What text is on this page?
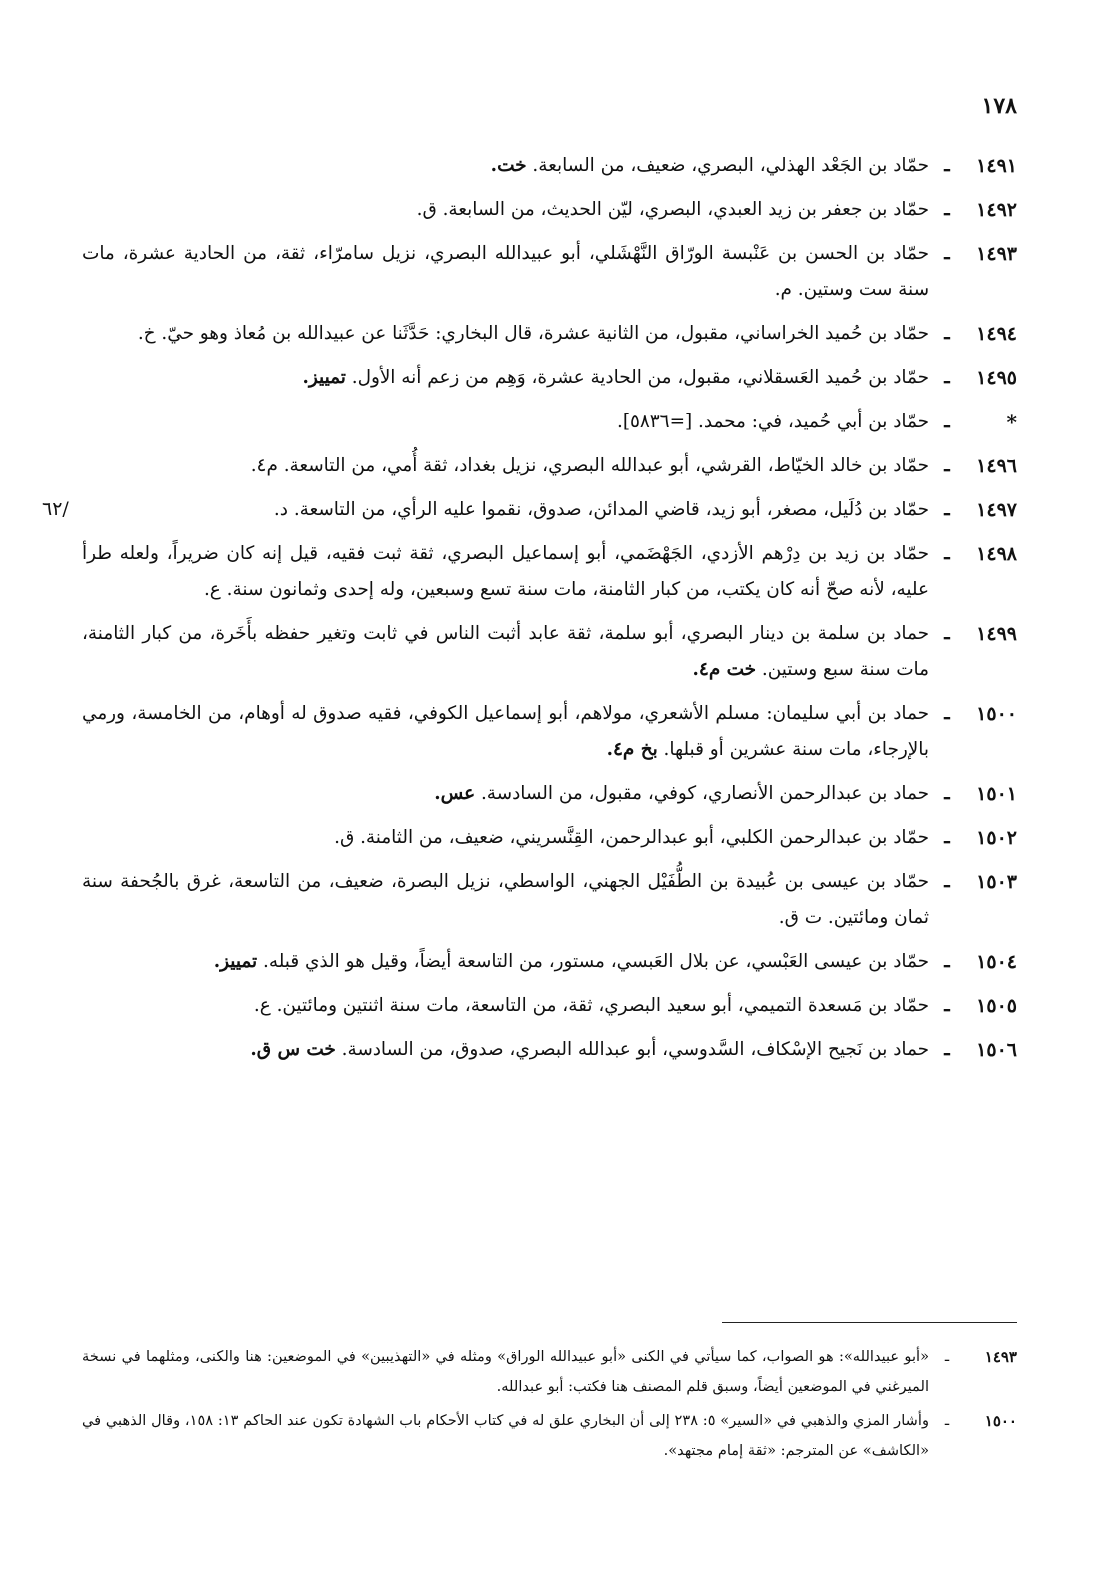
١٧٨
/٦٢
١٤٩١
ـ
حمّاد بن الجَعْد الهذلي، البصري، ضعيف، من السابعة. خت.
١٤٩٢
ـ
حمّاد بن جعفر بن زيد العبدي، البصري، ليّن الحديث، من السابعة. ق.
١٤٩٣
ـ
حمّاد بن الحسن بن عَنْبسة الورّاق النَّهْشَلي، أبو عبيدالله البصري، نزيل سامرّاء، ثقة، من الحادية عشرة، مات سنة ست وستين. م.
١٤٩٤
ـ
حمّاد بن حُميد الخراساني، مقبول، من الثانية عشرة، قال البخاري: حَدَّثَنا عن عبيدالله بن مُعاذ وهو حيّ. خ.
١٤٩٥
ـ
حمّاد بن حُميد العَسقلاني، مقبول، من الحادية عشرة، وَهِم من زعم أنه الأول. تمييز.
*
ـ
حمّاد بن أبي حُميد، في: محمد. [=٥٨٣٦].
١٤٩٦
ـ
حمّاد بن خالد الخيّاط، القرشي، أبو عبدالله البصري، نزيل بغداد، ثقة أُمي، من التاسعة. م٤.
١٤٩٧
ـ
حمّاد بن دُلَيل، مصغر، أبو زيد، قاضي المدائن، صدوق، نقموا عليه الرأي، من التاسعة. د.
١٤٩٨
ـ
حمّاد بن زيد بن دِرْهم الأزدي، الجَهْضَمي، أبو إسماعيل البصري، ثقة ثبت فقيه، قيل إنه كان ضريراً، ولعله طرأ عليه، لأنه صحّ أنه كان يكتب، من كبار الثامنة، مات سنة تسع وسبعين، وله إحدى وثمانون سنة. ع.
١٤٩٩
ـ
حماد بن سلمة بن دينار البصري، أبو سلمة، ثقة عابد أثبت الناس في ثابت وتغير حفظه بأَخَرة، من كبار الثامنة، مات سنة سبع وستين. خت م٤.
١٥٠٠
ـ
حماد بن أبي سليمان: مسلم الأشعري، مولاهم، أبو إسماعيل الكوفي، فقيه صدوق له أوهام، من الخامسة، ورمي بالإرجاء، مات سنة عشرين أو قبلها. بخ م٤.
١٥٠١
ـ
حماد بن عبدالرحمن الأنصاري، كوفي، مقبول، من السادسة. عس.
١٥٠٢
ـ
حمّاد بن عبدالرحمن الكلبي، أبو عبدالرحمن، القِنَّسريني، ضعيف، من الثامنة. ق.
١٥٠٣
ـ
حمّاد بن عيسى بن عُبيدة بن الطُّفَيْل الجهني، الواسطي، نزيل البصرة، ضعيف، من التاسعة، غرق بالجُحفة سنة ثمان ومائتين. ت ق.
١٥٠٤
ـ
حمّاد بن عيسى العَبْسي، عن بلال العَبسي، مستور، من التاسعة أيضاً، وقيل هو الذي قبله. تمييز.
١٥٠٥
ـ
حمّاد بن مَسعدة التميمي، أبو سعيد البصري، ثقة، من التاسعة، مات سنة اثنتين ومائتين. ع.
١٥٠٦
ـ
حماد بن نَجيح الإسْكاف، السَّدوسي، أبو عبدالله البصري، صدوق، من السادسة. خت س ق.
١٤٩٣
ـ
«أبو عبيدالله»: هو الصواب، كما سيأتي في الكنى «أبو عبيدالله الوراق» ومثله في «التهذيبين» في الموضعين: هنا والكنى، ومثلهما في نسخة الميرغني في الموضعين أيضاً، وسبق قلم المصنف هنا فكتب: أبو عبدالله.
١٥٠٠
ـ
وأشار المزي والذهبي في «السير» ٥: ٢٣٨ إلى أن البخاري علق له في كتاب الأحكام باب الشهادة تكون عند الحاكم ١٣: ١٥٨، وقال الذهبي في «الكاشف» عن المترجم: «ثقة إمام مجتهد».
